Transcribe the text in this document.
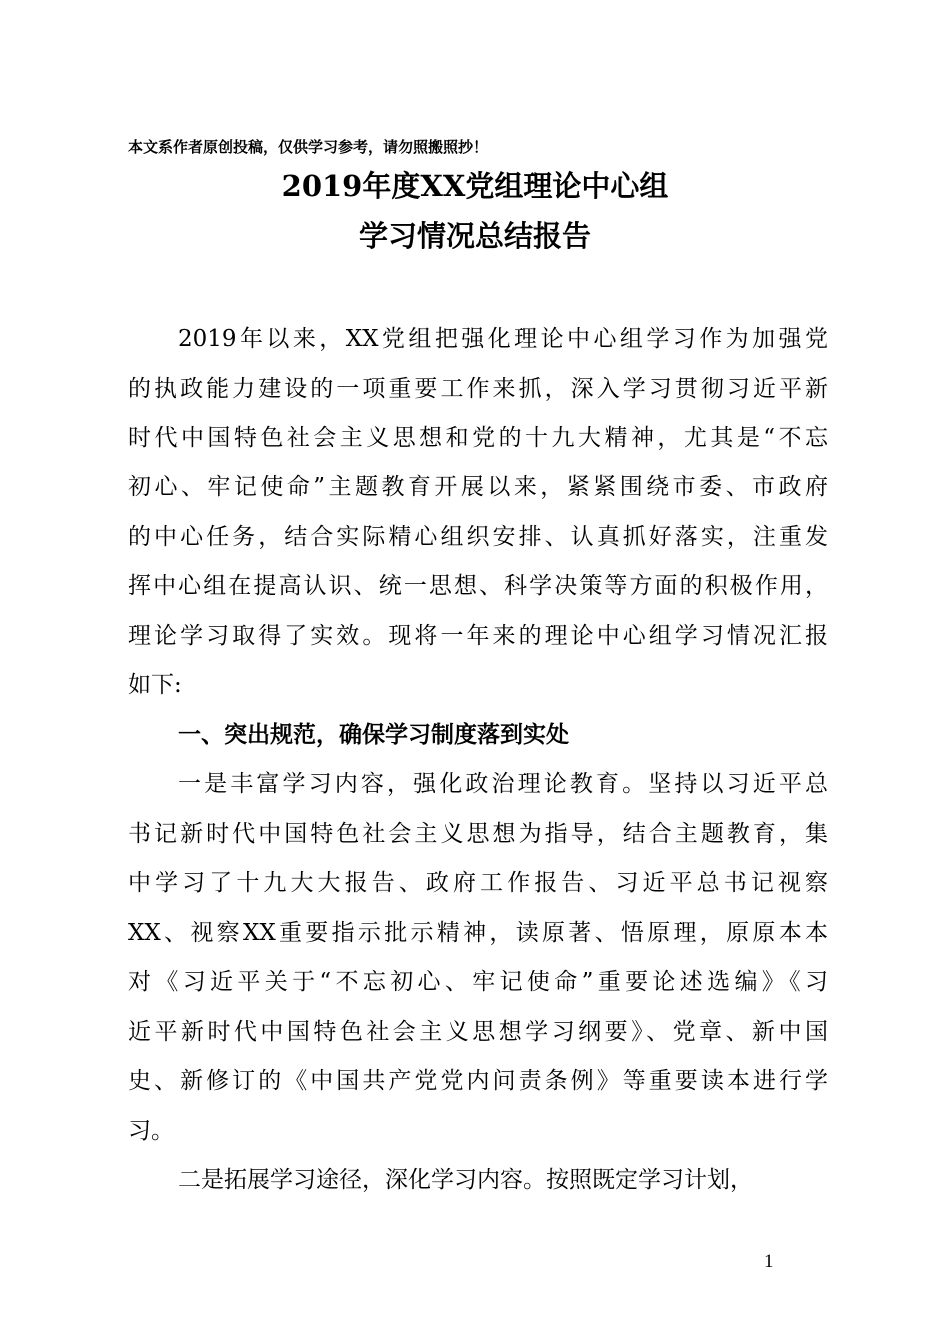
本文系作者原创投稿，仅供学习参考，请勿照搬照抄！
2019年度XX党组理论中心组
学习情况总结报告
2019年以来，XX党组把强化理论中心组学习作为加强党
的执政能力建设的一项重要工作来抓，深入学习贯彻习近平新
时代中国特色社会主义思想和党的十九大精神，尤其是“不忘
初心、牢记使命”主题教育开展以来，紧紧围绕市委、市政府
的中心任务，结合实际精心组织安排、认真抓好落实，注重发
挥中心组在提高认识、统一思想、科学决策等方面的积极作用，
理论学习取得了实效。现将一年来的理论中心组学习情况汇报
如下:
一、突出规范，确保学习制度落到实处
一是丰富学习内容，强化政治理论教育。坚持以习近平总
书记新时代中国特色社会主义思想为指导，结合主题教育，集
中学习了十九大大报告、政府工作报告、习近平总书记视察
XX、视察XX重要指示批示精神，读原著、悟原理，原原本本
对《习近平关于“不忘初心、牢记使命”重要论述选编》《习
近平新时代中国特色社会主义思想学习纲要》、党章、新中国
史、新修订的《中国共产党党内问责条例》等重要读本进行学
习。
二是拓展学习途径，深化学习内容。按照既定学习计划，
1
